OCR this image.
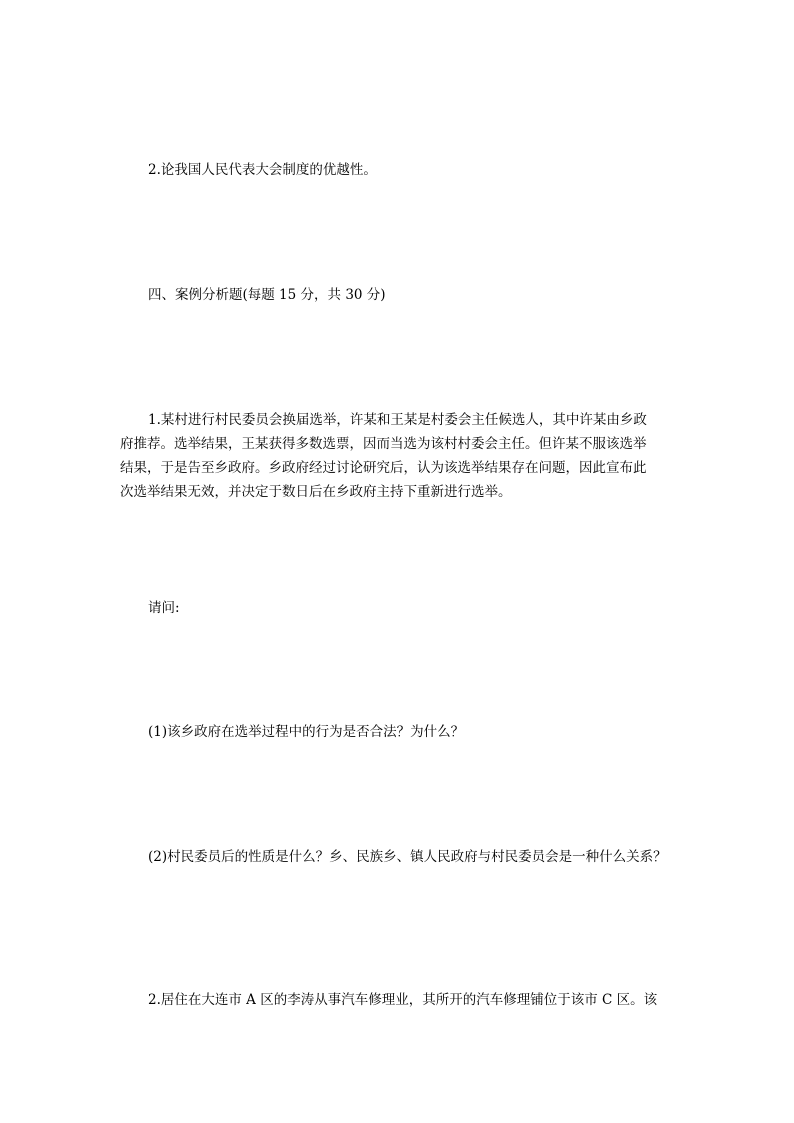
2.论我国人民代表大会制度的优越性。
四、案例分析题(每题 15 分，共 30 分)

1.某村进行村民委员会换届选举，许某和王某是村委会主任候选人，其中许某由乡政

府推荐。选举结果，王某获得多数选票，因而当选为该村村委会主任。但许某不服该选举

结果，于是告至乡政府。乡政府经过讨论研究后，认为该选举结果存在问题，因此宣布此

次选举结果无效，并决定于数日后在乡政府主持下重新进行选举。

请问:
(1)该乡政府在选举过程中的行为是否合法？为什么？
(2)村民委员后的性质是什么？乡、民族乡、镇人民政府与村民委员会是一种什么关系？
2.居住在大连市 A 区的李涛从事汽车修理业，其所开的汽车修理铺位于该市 C 区。该
